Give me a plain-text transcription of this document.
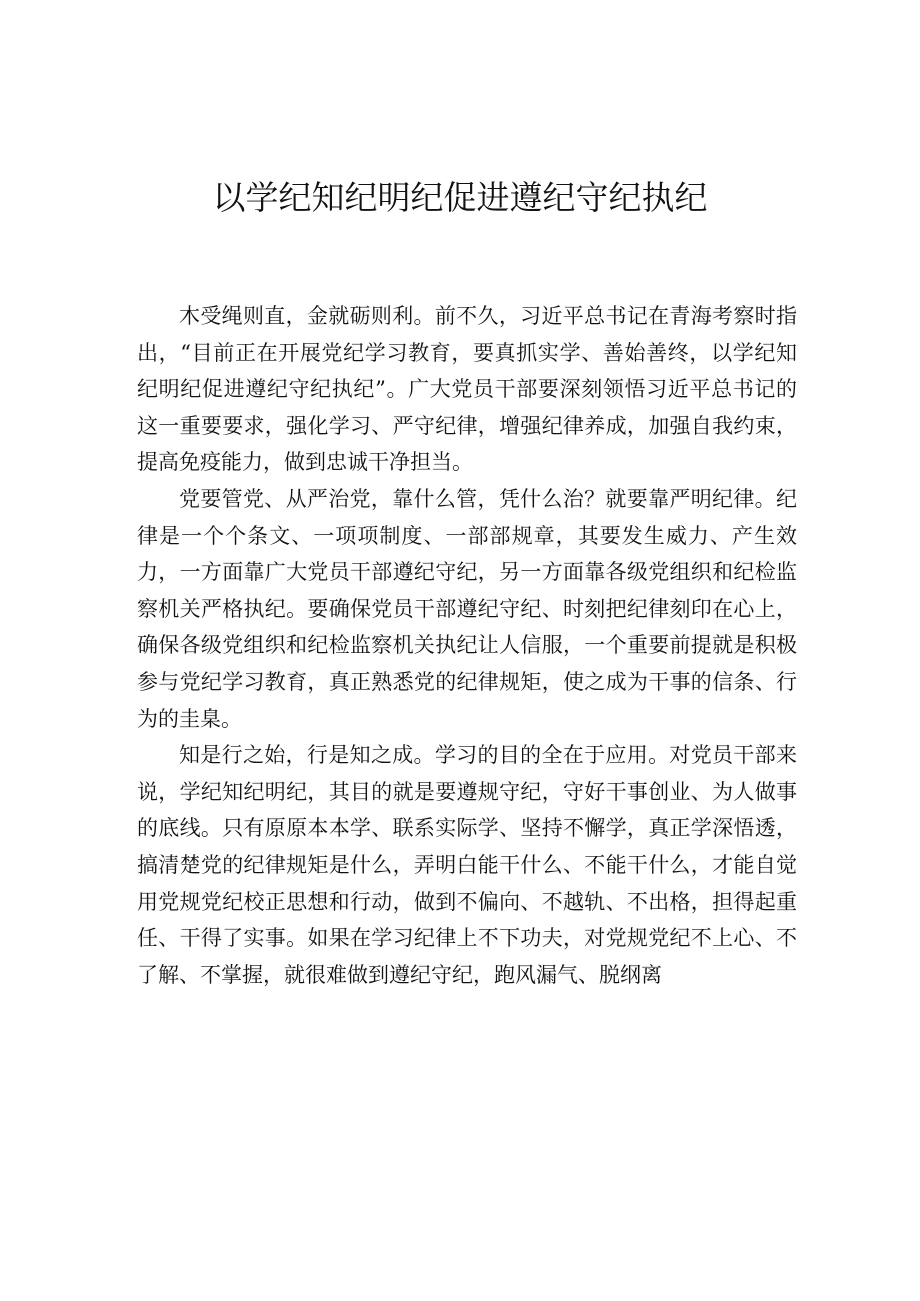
以学纪知纪明纪促进遵纪守纪执纪

木受绳则直，金就砺则利。前不久，习近平总书记在青海考察时指出，“目前正在开展党纪学习教育，要真抓实学、善始善终，以学纪知纪明纪促进遵纪守纪执纪”。广大党员干部要深刻领悟习近平总书记的这一重要要求，强化学习、严守纪律，增强纪律养成，加强自我约束，提高免疫能力，做到忠诚干净担当。

党要管党、从严治党，靠什么管，凭什么治？就要靠严明纪律。纪律是一个个条文、一项项制度、一部部规章，其要发生威力、产生效力，一方面靠广大党员干部遵纪守纪，另一方面靠各级党组织和纪检监察机关严格执纪。要确保党员干部遵纪守纪、时刻把纪律刻印在心上，确保各级党组织和纪检监察机关执纪让人信服，一个重要前提就是积极参与党纪学习教育，真正熟悉党的纪律规矩，使之成为干事的信条、行为的圭臬。

知是行之始，行是知之成。学习的目的全在于应用。对党员干部来说，学纪知纪明纪，其目的就是要遵规守纪，守好干事创业、为人做事的底线。只有原原本本学、联系实际学、坚持不懈学，真正学深悟透，搞清楚党的纪律规矩是什么，弄明白能干什么、不能干什么，才能自觉用党规党纪校正思想和行动，做到不偏向、不越轨、不出格，担得起重任、干得了实事。如果在学习纪律上不下功夫，对党规党纪不上心、不了解、不掌握，就很难做到遵纪守纪，跑风漏气、脱纲离
